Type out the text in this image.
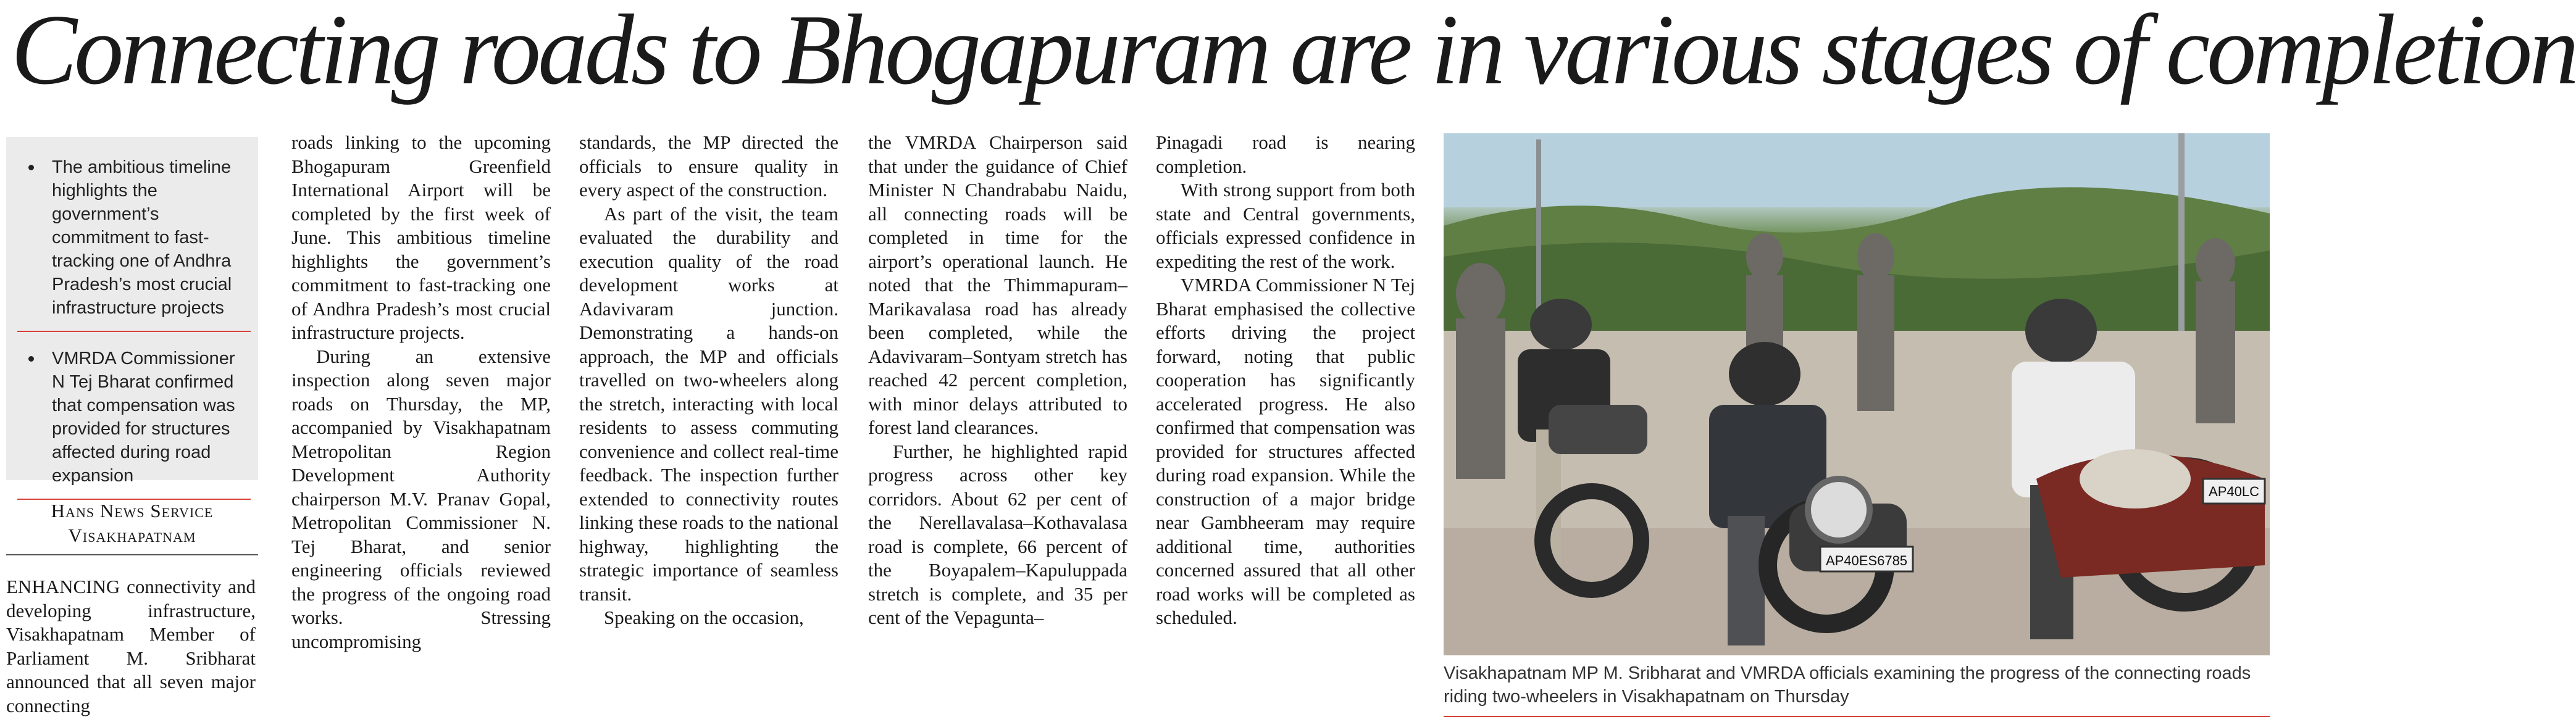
Connecting roads to Bhogapuram are in various stages of completion
The ambitious timeline highlights the government’s commitment to fast-tracking one of Andhra Pradesh’s most crucial infrastructure projects
VMRDA Commissioner N Tej Bharat confirmed that compensation was provided for structures affected during road expansion
Hans News Service
Visakhapatnam
ENHANCING connectivity and developing infrastructure, Visakhapatnam Member of Parliament M. Sribharat announced that all seven major connecting
roads linking to the upcoming Bhogapuram Greenfield International Airport will be completed by the first week of June. This ambitious timeline highlights the government’s commitment to fast-tracking one of Andhra Pradesh’s most crucial infrastructure projects.
During an extensive inspection along seven major roads on Thursday, the MP, accompanied by Visakhapatnam Metropolitan Region Development Authority chairperson M.V. Pranav Gopal, Metropolitan Commissioner N. Tej Bharat, and senior engineering officials reviewed the progress of the ongoing road works. Stressing uncompromising
standards, the MP directed the officials to ensure quality in every aspect of the construction.
As part of the visit, the team evaluated the durability and execution quality of the road development works at Adavivaram junction. Demonstrating a hands-on approach, the MP and officials travelled on two-wheelers along the stretch, interacting with local residents to assess commuting convenience and collect real-time feedback. The inspection further extended to connectivity routes linking these roads to the national highway, highlighting the strategic importance of seamless transit.
Speaking on the occasion,
the VMRDA Chairperson said that under the guidance of Chief Minister N Chandrababu Naidu, all connecting roads will be completed in time for the airport’s operational launch. He noted that the Thimmapuram–Marikavalasa road has already been completed, while the Adavivaram–Sontyam stretch has reached 42 percent completion, with minor delays attributed to forest land clearances.
Further, he highlighted rapid progress across other key corridors. About 62 per cent of the Nerellavalasa–Kothavalasa road is complete, 66 percent of the Boyapalem–Kapuluppada stretch is complete, and 35 per cent of the Vepagunta–
Pinagadi road is nearing completion.
With strong support from both state and Central governments, officials expressed confidence in expediting the rest of the work.
VMRDA Commissioner N Tej Bharat emphasised the collective efforts driving the project forward, noting that public cooperation has significantly accelerated progress. He also confirmed that compensation was provided for structures affected during road expansion. While the construction of a major bridge near Gambheeram may require additional time, authorities concerned assured that all other road works will be completed as scheduled.
AP40ES6785
AP40LC
Visakhapatnam MP M. Sribharat and VMRDA officials examining the progress of the connecting roads riding two-wheelers in Visakhapatnam on Thursday
